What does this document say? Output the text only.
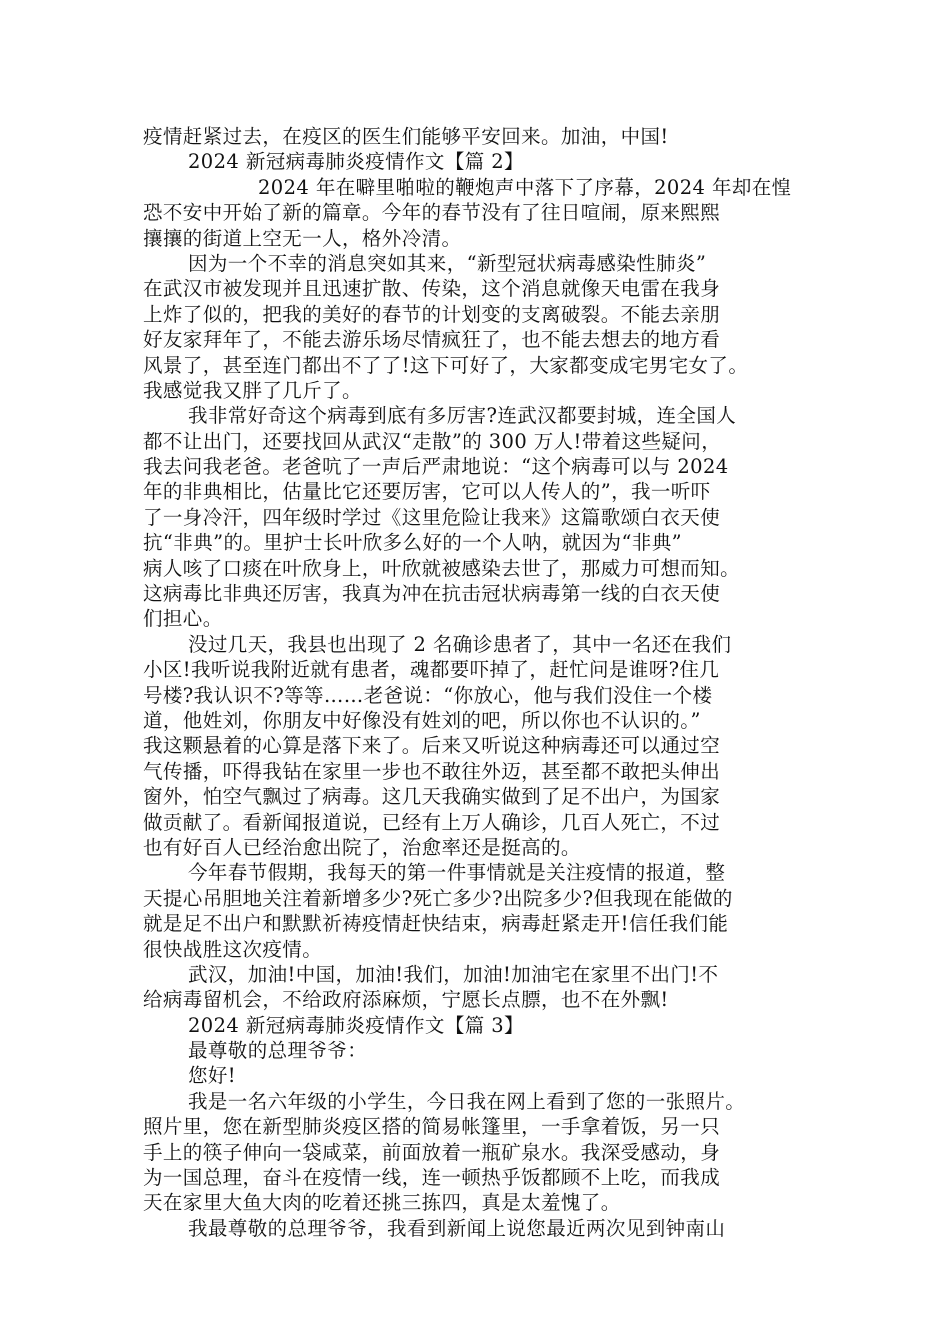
疫情赶紧过去，在疫区的医生们能够平安回来。加油，中国!
2024 新冠病毒肺炎疫情作文【篇 2】
2024 年在噼里啪啦的鞭炮声中落下了序幕，2024 年却在惶
恐不安中开始了新的篇章。今年的春节没有了往日喧闹，原来熙熙
攘攘的街道上空无一人，格外冷清。
因为一个不幸的消息突如其来，“新型冠状病毒感染性肺炎”
在武汉市被发现并且迅速扩散、传染，这个消息就像天电雷在我身
上炸了似的，把我的美好的春节的计划变的支离破裂。不能去亲朋
好友家拜年了，不能去游乐场尽情疯狂了，也不能去想去的地方看
风景了，甚至连门都出不了了!这下可好了，大家都变成宅男宅女了。
我感觉我又胖了几斤了。
我非常好奇这个病毒到底有多厉害?连武汉都要封城，连全国人
都不让出门，还要找回从武汉“走散”的 300 万人!带着这些疑问，
我去问我老爸。老爸吭了一声后严肃地说：“这个病毒可以与 2024
年的非典相比，估量比它还要厉害，它可以人传人的”，我一听吓
了一身冷汗，四年级时学过《这里危险让我来》这篇歌颂白衣天使
抗“非典”的。里护士长叶欣多么好的一个人呐，就因为“非典”
病人咳了口痰在叶欣身上，叶欣就被感染去世了，那威力可想而知。
这病毒比非典还厉害，我真为冲在抗击冠状病毒第一线的白衣天使
们担心。
没过几天，我县也出现了 2 名确诊患者了，其中一名还在我们
小区!我听说我附近就有患者，魂都要吓掉了，赶忙问是谁呀?住几
号楼?我认识不?等等……老爸说：“你放心，他与我们没住一个楼
道，他姓刘，你朋友中好像没有姓刘的吧，所以你也不认识的。”
我这颗悬着的心算是落下来了。后来又听说这种病毒还可以通过空
气传播，吓得我钻在家里一步也不敢往外迈，甚至都不敢把头伸出
窗外，怕空气飘过了病毒。这几天我确实做到了足不出户，为国家
做贡献了。看新闻报道说，已经有上万人确诊，几百人死亡，不过
也有好百人已经治愈出院了，治愈率还是挺高的。
今年春节假期，我每天的第一件事情就是关注疫情的报道，整
天提心吊胆地关注着新增多少?死亡多少?出院多少?但我现在能做的
就是足不出户和默默祈祷疫情赶快结束，病毒赶紧走开!信任我们能
很快战胜这次疫情。
武汉，加油!中国，加油!我们，加油!加油宅在家里不出门!不
给病毒留机会，不给政府添麻烦，宁愿长点膘，也不在外飘!
2024 新冠病毒肺炎疫情作文【篇 3】
最尊敬的总理爷爷：
您好!
我是一名六年级的小学生，今日我在网上看到了您的一张照片。
照片里，您在新型肺炎疫区搭的简易帐篷里，一手拿着饭，另一只
手上的筷子伸向一袋咸菜，前面放着一瓶矿泉水。我深受感动，身
为一国总理，奋斗在疫情一线，连一顿热乎饭都顾不上吃，而我成
天在家里大鱼大肉的吃着还挑三拣四，真是太羞愧了。
我最尊敬的总理爷爷，我看到新闻上说您最近两次见到钟南山
